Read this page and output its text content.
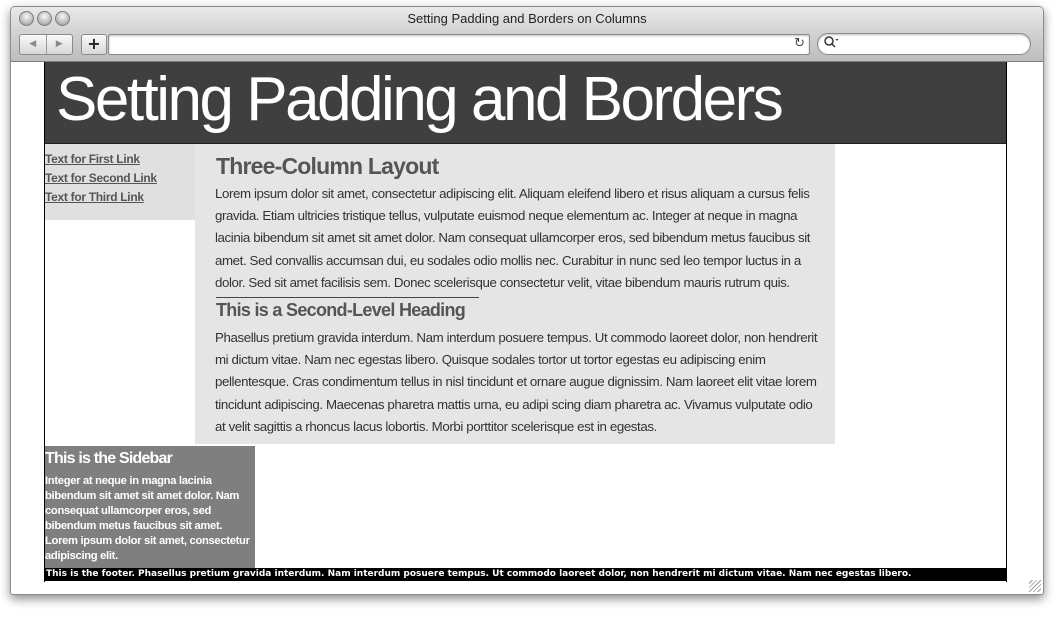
Setting Padding and Borders on Columns
◀	▶	+	↻
Setting Padding and Borders
Text for First Link
Text for Second Link
Text for Third Link
Three-Column Layout

Lorem ipsum dolor sit amet, consectetur adipiscing elit. Aliquam eleifend libero et risus aliquam a cursus felis gravida. Etiam ultricies tristique tellus, vulputate euismod neque elementum ac. Integer at neque in magna lacinia bibendum sit amet sit amet dolor. Nam consequat ullamcorper eros, sed bibendum metus faucibus sit amet. Sed convallis accumsan dui, eu sodales odio mollis nec. Curabitur in nunc sed leo tempor luctus in a dolor. Sed sit amet facilisis sem. Donec scelerisque consectetur velit, vitae bibendum mauris rutrum quis.

This is a Second-Level Heading

Phasellus pretium gravida interdum. Nam interdum posuere tempus. Ut commodo laoreet dolor, non hendrerit mi dictum vitae. Nam nec egestas libero. Quisque sodales tortor ut tortor egestas eu adipiscing enim pellentesque. Cras condimentum tellus in nisl tincidunt et ornare augue dignissim. Nam laoreet elit vitae lorem tincidunt adipiscing. Maecenas pharetra mattis urna, eu adipi scing diam pharetra ac. Vivamus vulputate odio at velit sagittis a rhoncus lacus lobortis. Morbi porttitor scelerisque est in egestas.

This is the Sidebar

Integer at neque in magna lacinia bibendum sit amet sit amet dolor. Nam consequat ullamcorper eros, sed bibendum metus faucibus sit amet. Lorem ipsum dolor sit amet, consectetur adipiscing elit.

This is the footer. Phasellus pretium gravida interdum. Nam interdum posuere tempus. Ut commodo laoreet dolor, non hendrerit mi dictum vitae. Nam nec egestas libero.
